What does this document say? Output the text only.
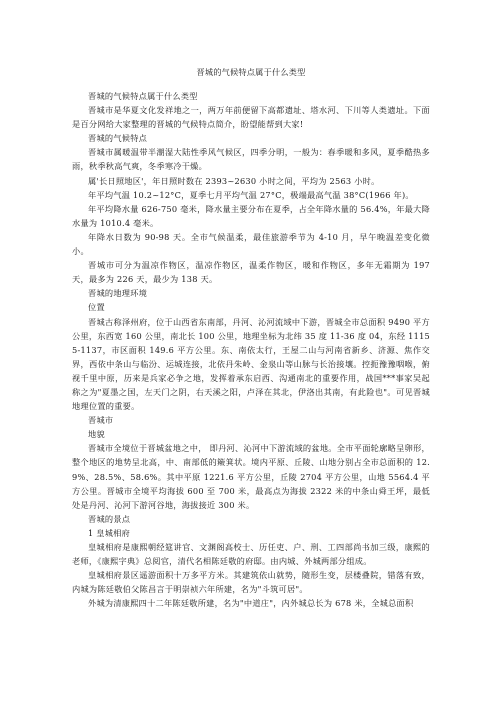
晋城的气候特点属于什么类型

晋城的气候特点属于什么类型

晋城市是华夏文化发祥地之一，两万年前便留下高都遗址、塔水河、下川等人类遗址。下面是百分网给大家整理的晋城的气候特点简介，盼望能帮到大家!

晋城的气候特点

晋城市属暖温带半潮湿大陆性季风气候区，四季分明，一般为：春季暖和多风，夏季酷热多雨，秋季秋高气爽，冬季寒冷干燥。

属'长日照地区'，年日照时数在 2393~2630 小时之间，平均为 2563 小时。

年平均气温 10.2~12°C，夏季七月平均气温 27°C，极端最高气温 38°C(1966 年)。

年平均降水量 626-750 毫米，降水量主要分布在夏季，占全年降水量的 56.4%，年最大降水量为 1010.4 毫米。

年降水日数为 90-98 天。全市气候温柔，最佳旅游季节为 4-10 月，早午晚温差变化微小。

晋城市可分为温凉作物区，温凉作物区，温柔作物区，暖和作物区，多年无霜期为 197 天，最多为 226 天，最少为 138 天。

晋城的地理环境

位置

晋城古称泽州府，位于山西省东南部，丹河、沁河流域中下游，晋城全市总面积 9490 平方公里，东西宽 160 公里，南北长 100 公里，地理坐标为北纬 35 度 11-36 度 04，东经 11155-1137，市区面积 149.6 平方公里。东、南依太行，王屋二山与河南省新乡、济源、焦作交界，西依中条山与临汾、运城连接，北依丹朱岭、金泉山等山脉与长治接壤。控扼豫豫咽喉，俯视千里中原，历来是兵家必争之地，发挥着承东启西、沟通南北的重要作用，战国***事家吴起称之为"夏墨之国，左天门之阴，右天溪之阳，卢泽在其北，伊洛出其南，有此险也"。可见晋城地理位置的重要。

晋城市

地貌

晋城市全境位于晋城盆地之中， 即丹河、沁河中下游流域的盆地。全市平面轮廓略呈卵形，整个地区的地势呈北高，中、南部低的簸箕状。境内平原、丘陵、山地分别占全市总面积的 12.9%、28.5%、58.6%。其中平原 1221.6 平方公里，丘陵 2704 平方公里，山地 5564.4 平方公里。晋城市全境平均海拔 600 至 700 米，最高点为海拔 2322 米的中条山舜王坪，最低处是丹河、沁河下游河谷地，海拔接近 300 米。

晋城的景点

1 皇城相府

皇城相府是康熙朝经筵讲官、文渊阁高校士、历任吏、户、刑、工四部尚书加三级，康熙的老师，《康熙字典》总阅官，清代名相陈廷敬的府邸。由内城、外城两部分组成。

皇城相府景区遥游面积十万多平方米。其建筑依山就势，随形生变，层楼叠院，错落有致，内城为陈廷敬伯父陈昌言于明崇祯六年所建，名为"斗筑可居"。

外城为清康熙四十二年陈廷敬所建，名为"中道庄"，内外城总长为 678 米，全城总面积
